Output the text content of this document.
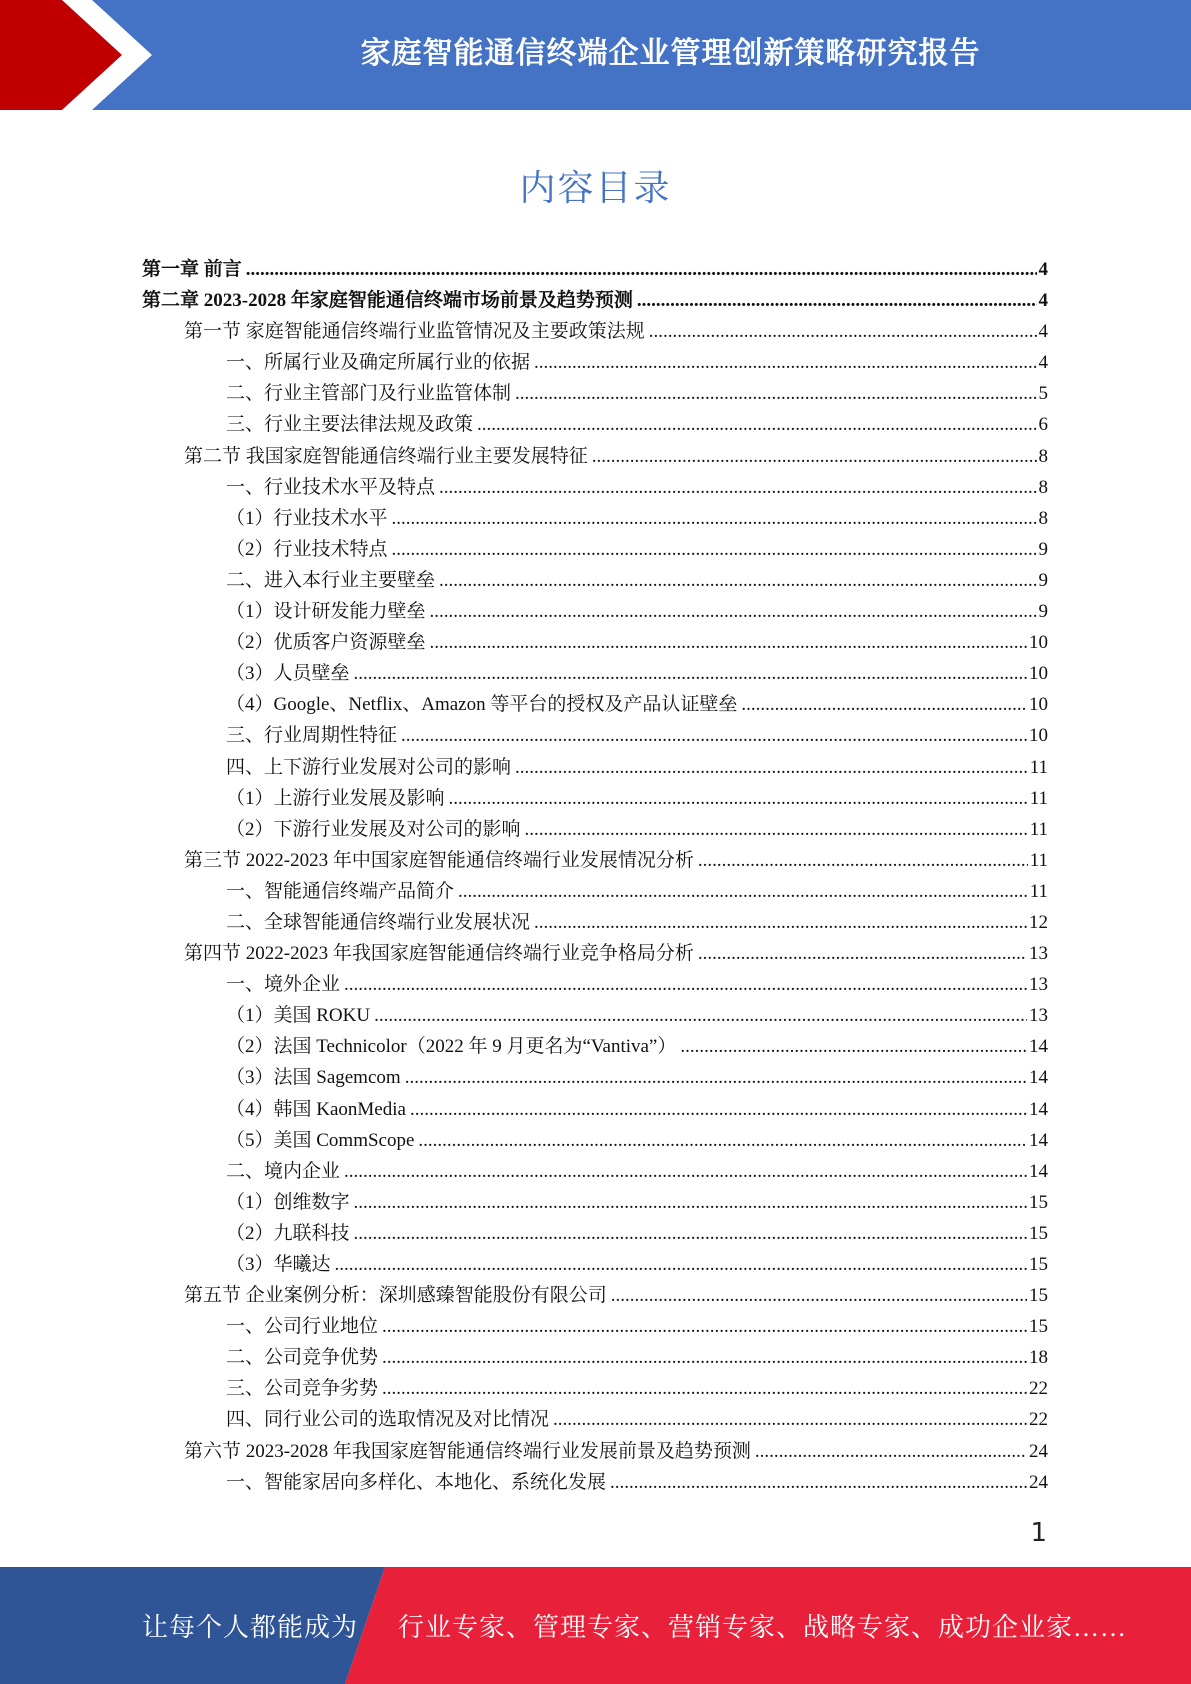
家庭智能通信终端企业管理创新策略研究报告
内容目录
第一章 前言 .....	4
第二章 2023-2028 年家庭智能通信终端市场前景及趋势预测 .....	4
第一节 家庭智能通信终端行业监管情况及主要政策法规 .....	4
一、所属行业及确定所属行业的依据 .....	4
二、行业主管部门及行业监管体制 .....	5
三、行业主要法律法规及政策 .....	6
第二节 我国家庭智能通信终端行业主要发展特征 .....	8
一、行业技术水平及特点 .....	8
（1）行业技术水平 .....	8
（2）行业技术特点 .....	9
二、进入本行业主要壁垒 .....	9
（1）设计研发能力壁垒 .....	9
（2）优质客户资源壁垒 .....	10
（3）人员壁垒 .....	10
（4）Google、Netflix、Amazon 等平台的授权及产品认证壁垒 .....	10
三、行业周期性特征 .....	10
四、上下游行业发展对公司的影响 .....	11
（1）上游行业发展及影响 .....	11
（2）下游行业发展及对公司的影响 .....	11
第三节 2022-2023 年中国家庭智能通信终端行业发展情况分析 .....	11
一、智能通信终端产品简介 .....	11
二、全球智能通信终端行业发展状况 .....	12
第四节 2022-2023 年我国家庭智能通信终端行业竞争格局分析 .....	13
一、境外企业 .....	13
（1）美国 ROKU .....	13
（2）法国 Technicolor（2022 年 9 月更名为“Vantiva”） .....	14
（3）法国 Sagemcom .....	14
（4）韩国 KaonMedia .....	14
（5）美国 CommScope .....	14
二、境内企业 .....	14
（1）创维数字 .....	15
（2）九联科技 .....	15
（3）华曦达 .....	15
第五节 企业案例分析：深圳感臻智能股份有限公司 .....	15
一、公司行业地位 .....	15
二、公司竞争优势 .....	18
三、公司竞争劣势 .....	22
四、同行业公司的选取情况及对比情况 .....	22
第六节 2023-2028 年我国家庭智能通信终端行业发展前景及趋势预测 .....	24
一、智能家居向多样化、本地化、系统化发展 .....	24
1
让每个人都能成为 行业专家、管理专家、营销专家、战略专家、成功企业家……
